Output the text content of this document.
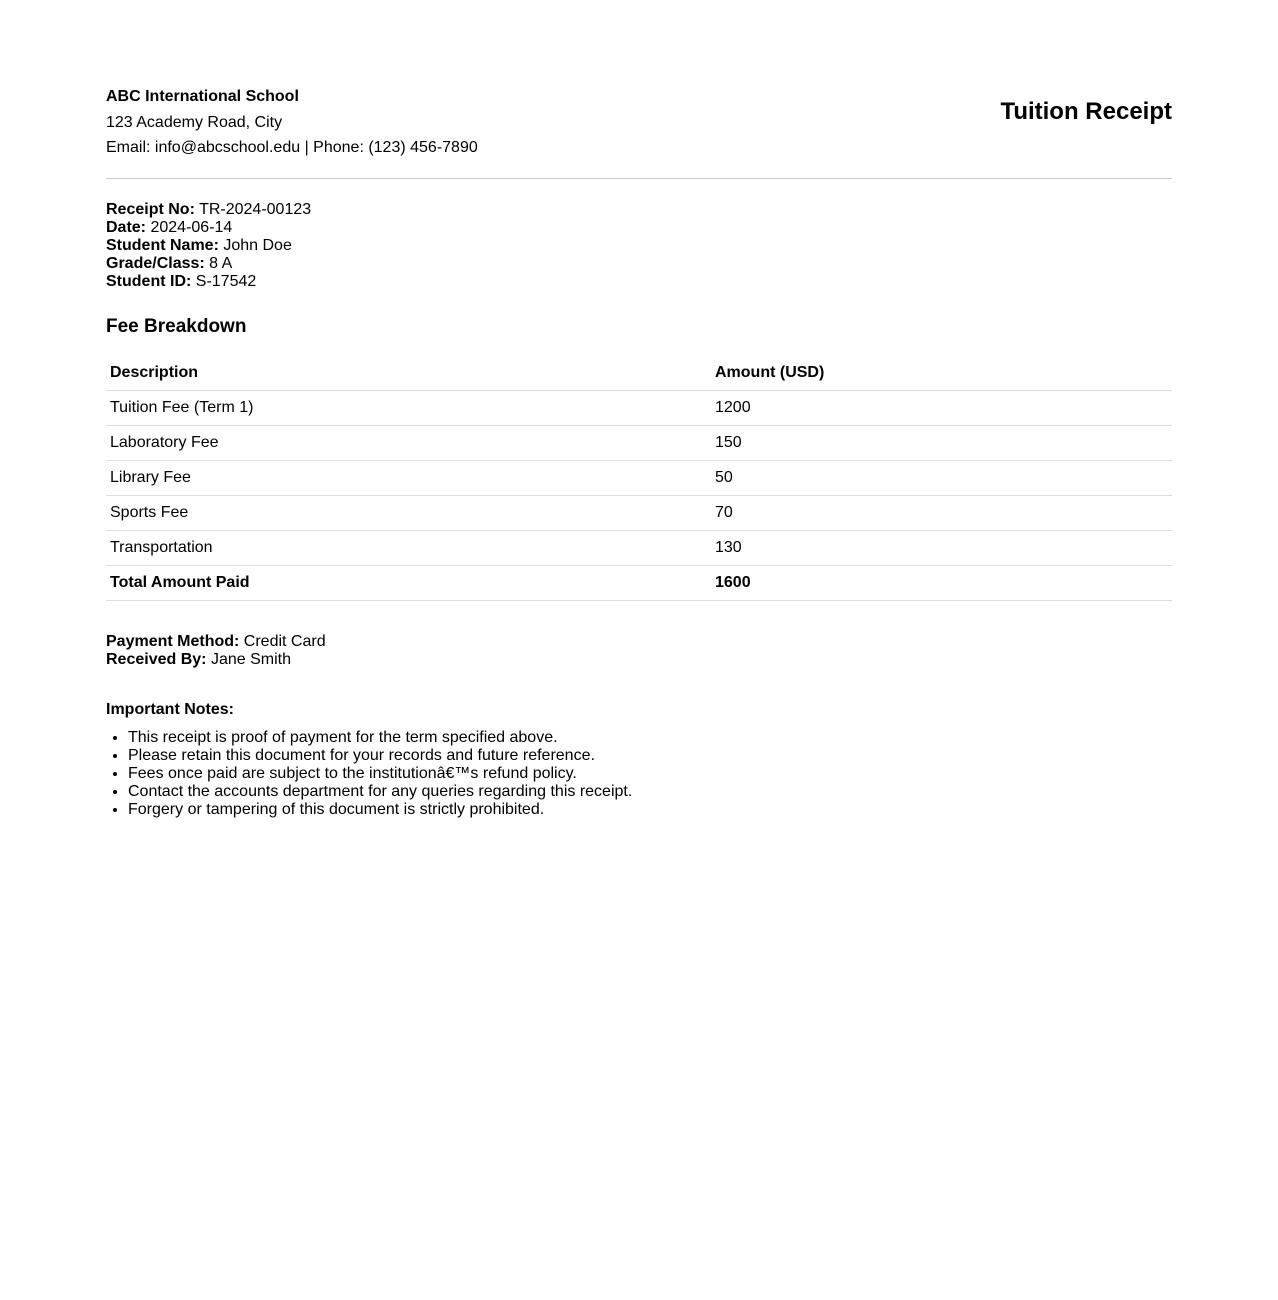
ABC International School
123 Academy Road, City
Email: info@abcschool.edu | Phone: (123) 456-7890
Tuition Receipt
Receipt No: TR-2024-00123
Date: 2024-06-14
Student Name: John Doe
Grade/Class: 8 A
Student ID: S-17542
Fee Breakdown
Description	Amount (USD)
Tuition Fee (Term 1)	1200
Laboratory Fee	150
Library Fee	50
Sports Fee	70
Transportation	130
Total Amount Paid	1600
Payment Method: Credit Card
Received By: Jane Smith
Important Notes:
• This receipt is proof of payment for the term specified above.
• Please retain this document for your records and future reference.
• Fees once paid are subject to the institutionâ€™s refund policy.
• Contact the accounts department for any queries regarding this receipt.
• Forgery or tampering of this document is strictly prohibited.
